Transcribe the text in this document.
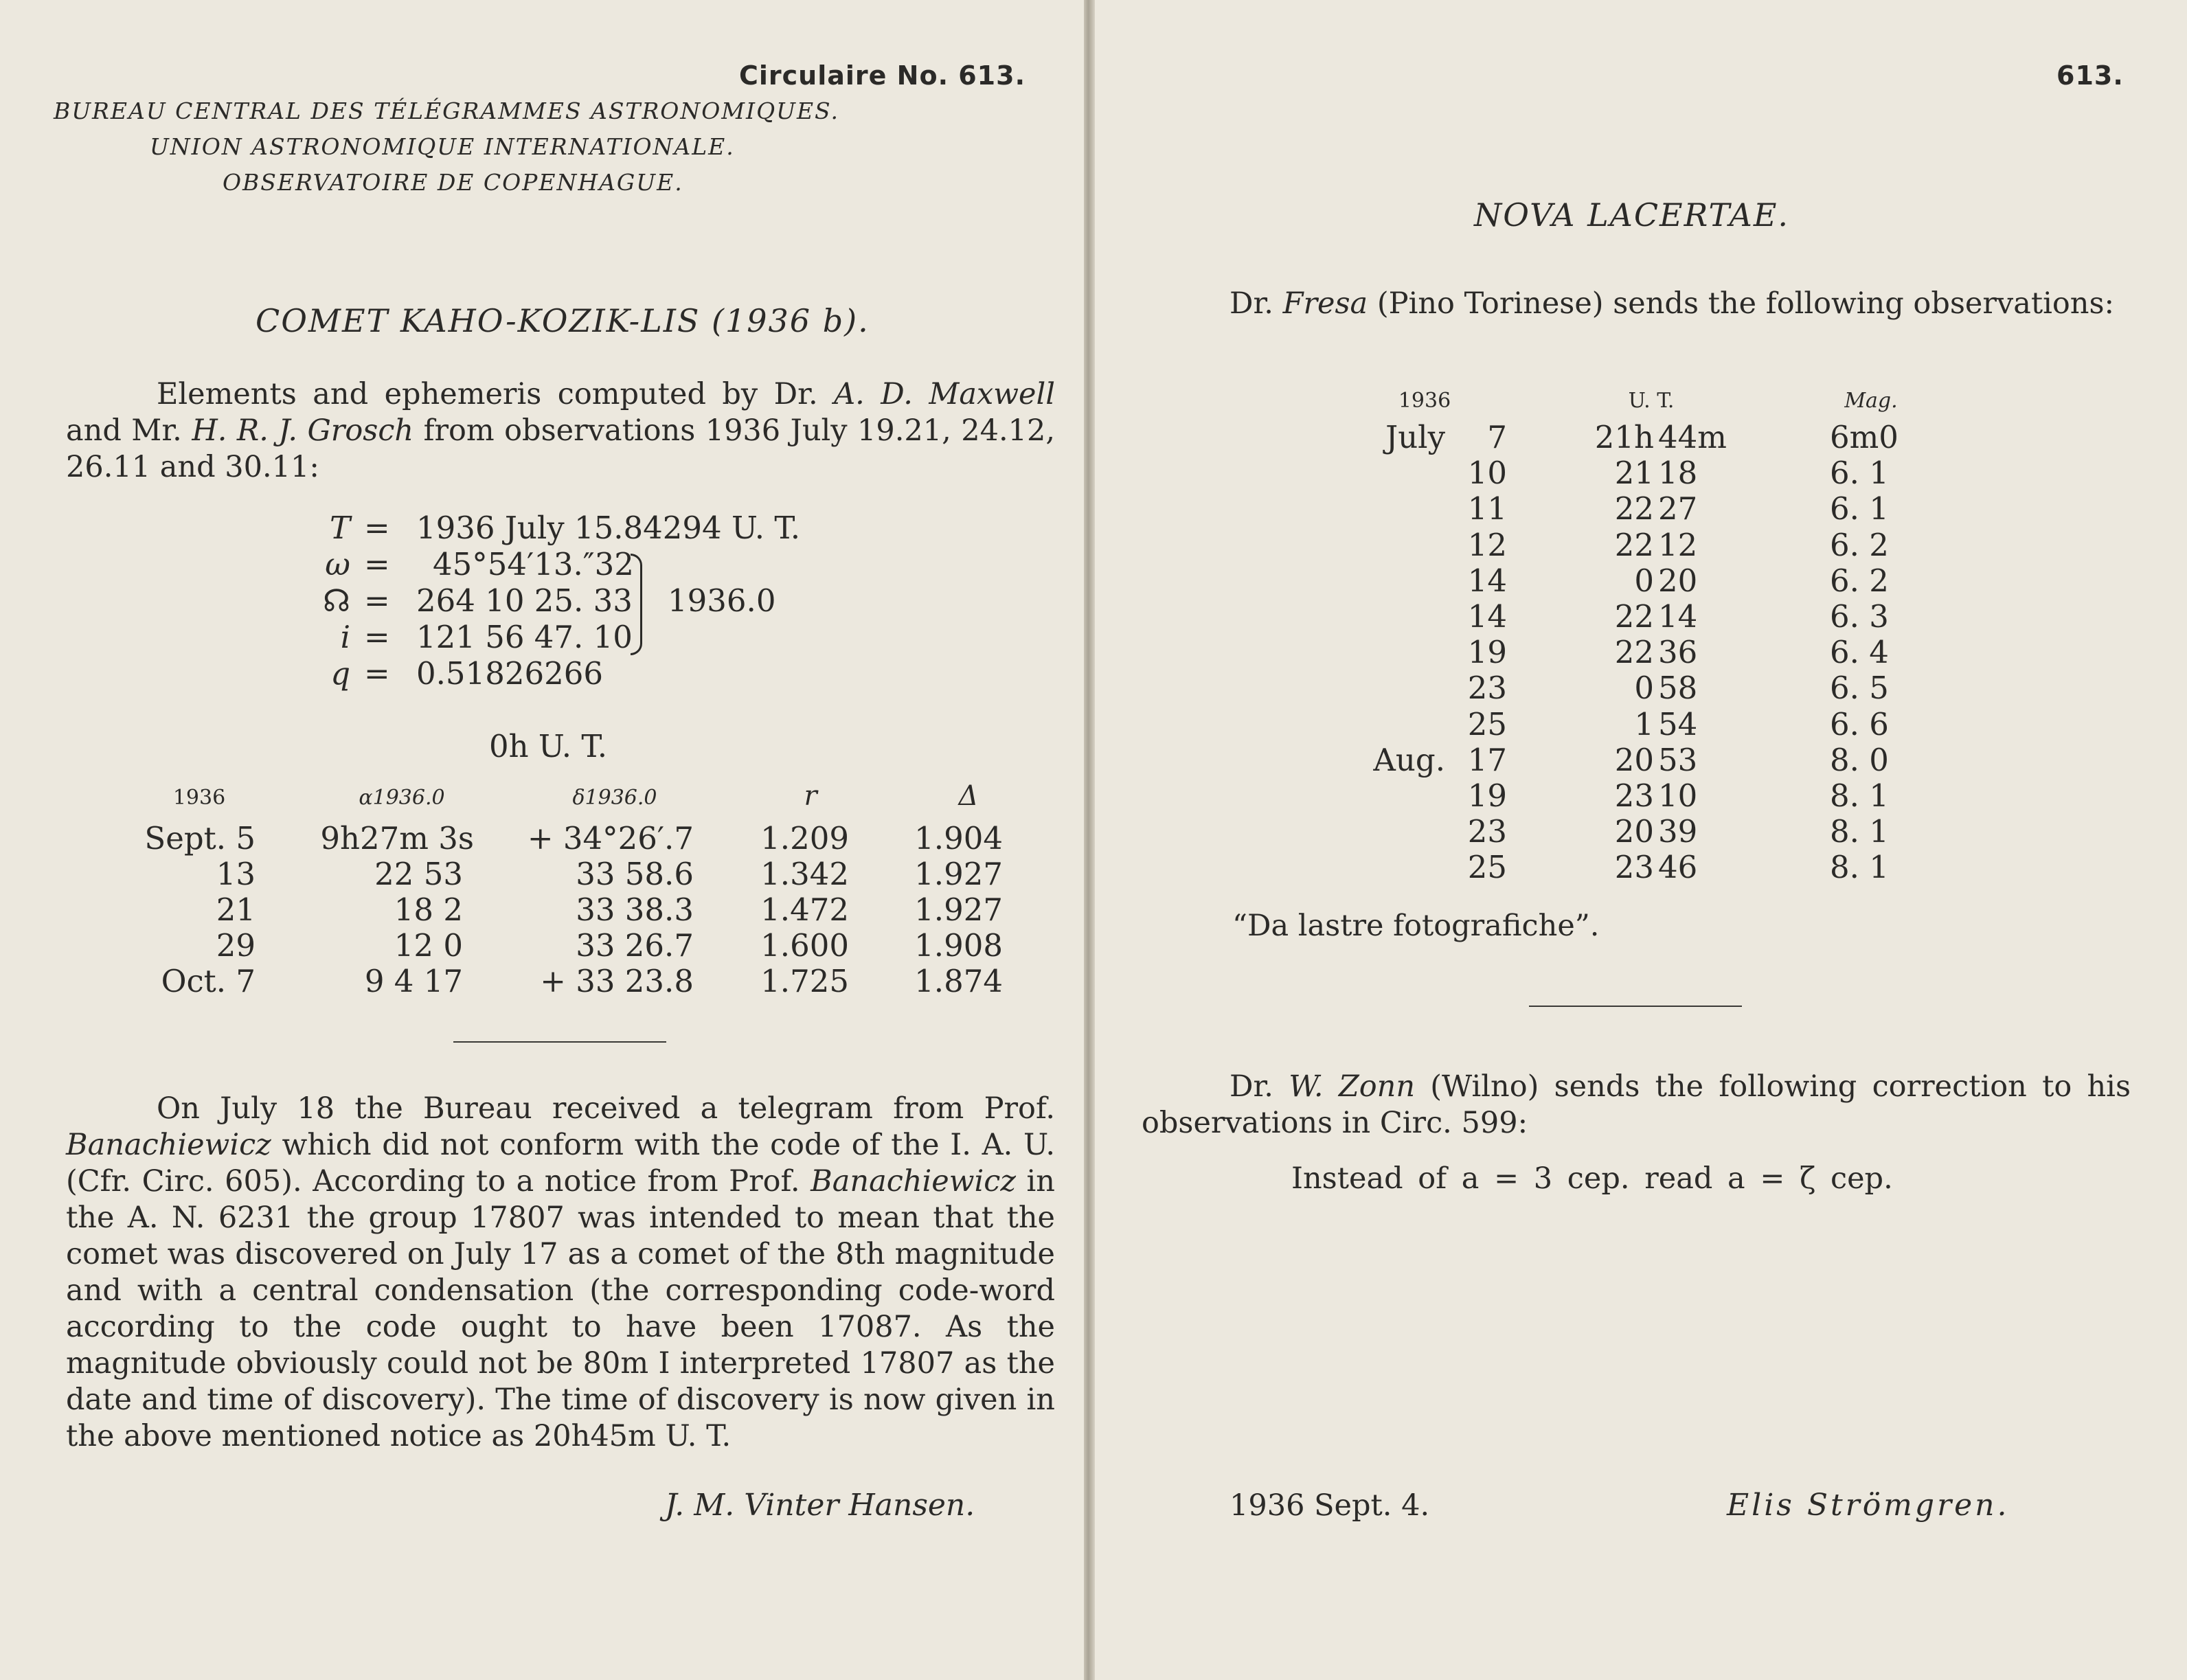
Circulaire No. 613.
BUREAU CENTRAL DES TÉLÉGRAMMES ASTRONOMIQUES.
UNION ASTRONOMIQUE INTERNATIONALE.
OBSERVATOIRE DE COPENHAGUE.
COMET KAHO-KOZIK-LIS (1936 b).
Elements and ephemeris computed by Dr. A. D. Maxwell and Mr. H. R. J. Grosch from observations 1936 July 19.21, 24.12, 26.11 and 30.11:
T = 1936 July 15.84294 U. T.
ω = 45°54′13.″32
☊ = 264 10 25. 33
i = 121 56 47. 10
q = 0.51826266
1936.0
0h U. T.
1936	α1936.0	δ1936.0	r	Δ
Sept. 5	9h27m 3s	+ 34°26′.7	1.209	1.904
13	22 53	33 58.6	1.342	1.927
21	18 2	33 38.3	1.472	1.927
29	12 0	33 26.7	1.600	1.908
Oct. 7	9 4 17	+ 33 23.8	1.725	1.874
On July 18 the Bureau received a telegram from Prof. Banachiewicz which did not conform with the code of the I. A. U. (Cfr. Circ. 605). According to a notice from Prof. Banachiewicz in the A. N. 6231 the group 17807 was intended to mean that the comet was discovered on July 17 as a comet of the 8th magnitude and with a central condensation (the corresponding code-word according to the code ought to have been 17087. As the magnitude obviously could not be 80m I interpreted 17807 as the date and time of discovery). The time of discovery is now given in the above mentioned notice as 20h45m U. T.
J. M. Vinter Hansen.
613.
NOVA LACERTAE.
Dr. Fresa (Pino Torinese) sends the following observations:
1936	U. T.	Mag.
July	7	21h 44m	6m0
10	21 18	6. 1
11	22 27	6. 1
12	22 12	6. 2
14	0 20	6. 2
14	22 14	6. 3
19	22 36	6. 4
23	0 58	6. 5
25	1 54	6. 6
Aug. 17	20 53	8. 0
19	23 10	8. 1
23	20 39	8. 1
25	23 46	8. 1
“Da lastre fotografiche”.
Dr. W. Zonn (Wilno) sends the following correction to his observations in Circ. 599:
Instead of a = 3 cep. read a = ζ cep.
1936 Sept. 4.	Elis Strömgren.
